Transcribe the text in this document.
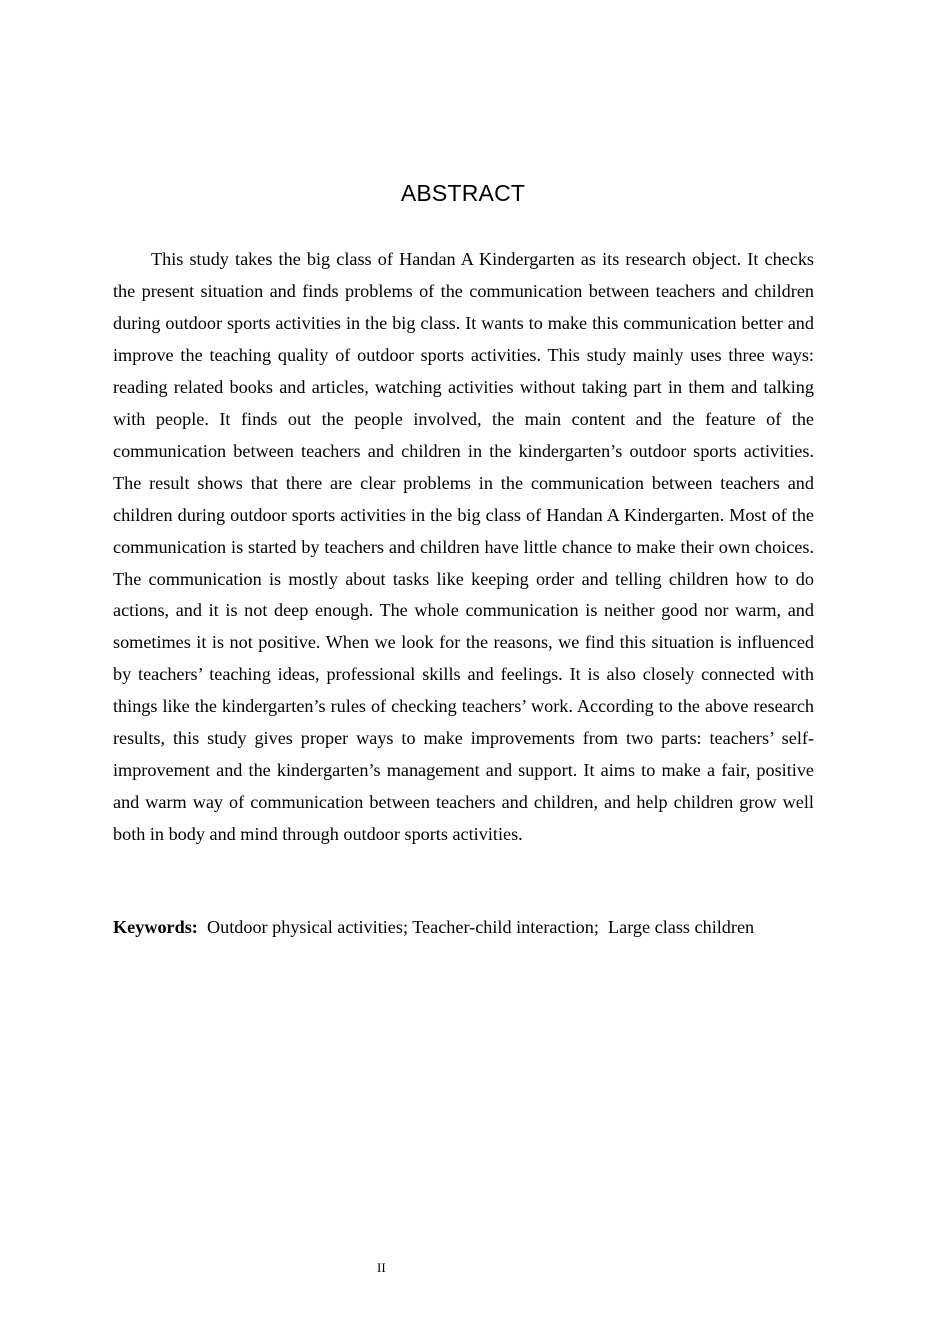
ABSTRACT

This study takes the big class of Handan A Kindergarten as its research object. It checks the present situation and finds problems of the communication between teachers and children during outdoor sports activities in the big class. It wants to make this communication better and improve the teaching quality of outdoor sports activities. This study mainly uses three ways: reading related books and articles, watching activities without taking part in them and talking with people. It finds out the people involved, the main content and the feature of the communication between teachers and children in the kindergarten’s outdoor sports activities. The result shows that there are clear problems in the communication between teachers and children during outdoor sports activities in the big class of Handan A Kindergarten. Most of the communication is started by teachers and children have little chance to make their own choices. The communication is mostly about tasks like keeping order and telling children how to do actions, and it is not deep enough. The whole communication is neither good nor warm, and sometimes it is not positive. When we look for the reasons, we find this situation is influenced by teachers’ teaching ideas, professional skills and feelings. It is also closely connected with things like the kindergarten’s rules of checking teachers’ work. According to the above research results, this study gives proper ways to make improvements from two parts: teachers’ self-improvement and the kindergarten’s management and support. It aims to make a fair, positive and warm way of communication between teachers and children, and help children grow well both in body and mind through outdoor sports activities.

Keywords:  Outdoor physical activities; Teacher-child interaction;  Large class children
II
